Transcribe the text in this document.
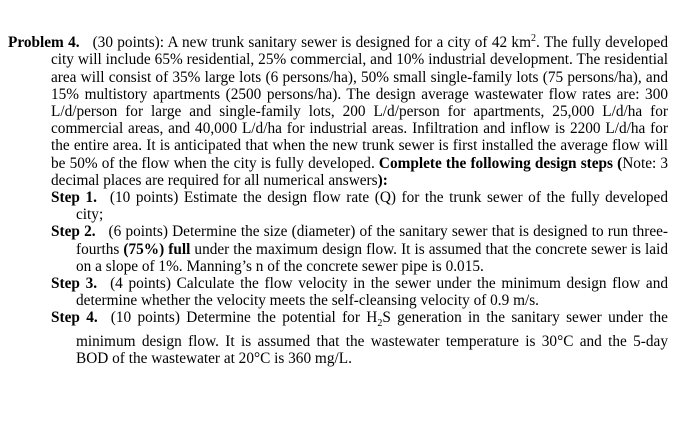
Problem 4. (30 points): A new trunk sanitary sewer is designed for a city of 42 $km^2$. The fully developed city will include 65% residential, 25% commercial, and 10% industrial development. The residential area will consist of 35% large lots (6 persons/ha), 50% small single-family lots (75 persons/ha), and 15% multistory apartments (2500 persons/ha). The design average wastewater flow rates are: 300 L/d/person for large and single-family lots, 200 L/d/person for apartments, 25,000 L/d/ha for commercial areas, and 40,000 L/d/ha for industrial areas. Infiltration and inflow is 2200 L/d/ha for the entire area. It is anticipated that when the new trunk sewer is first installed the average flow will be 50% of the flow when the city is fully developed. Complete the following design steps (Note: 3 decimal places are required for all numerical answers):

Step 1. (10 points) Estimate the design flow rate (Q) for the trunk sewer of the fully developed city;

Step 2. (6 points) Determine the size (diameter) of the sanitary sewer that is designed to run three-fourths (75%) full under the maximum design flow. It is assumed that the concrete sewer is laid on a slope of 1%. Manning’s n of the concrete sewer pipe is 0.015.

Step 3. (4 points) Calculate the flow velocity in the sewer under the minimum design flow and determine whether the velocity meets the self-cleansing velocity of 0.9 m/s.

Step 4. (10 points) Determine the potential for $H_2S$ generation in the sanitary sewer under the minimum design flow. It is assumed that the wastewater temperature is 30°C and the 5-day BOD of the wastewater at 20°C is 360 mg/L.
